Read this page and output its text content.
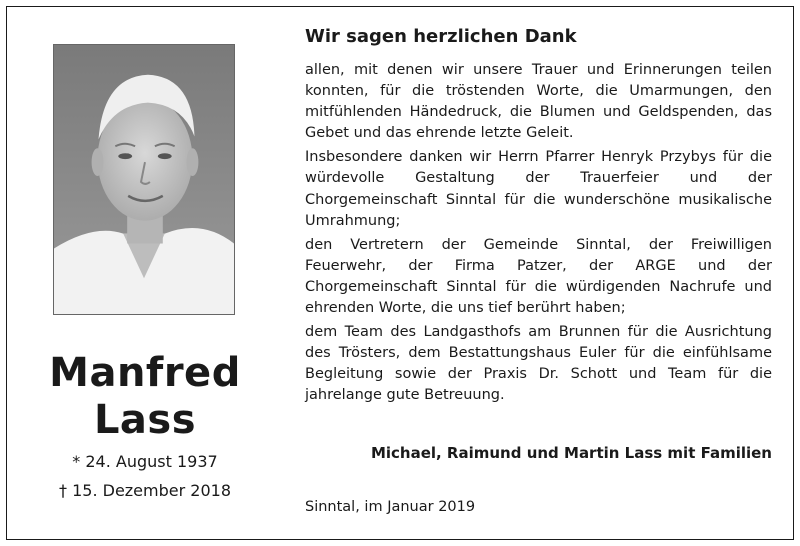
Manfred
Lass
* 24. August 1937
† 15. Dezember 2018
Wir sagen herzlichen Dank

allen, mit denen wir unsere Trauer und Erinnerungen teilen konnten, für die tröstenden Worte, die Umarmungen, den mitfühlenden Händedruck, die Blumen und Geldspenden, das Gebet und das ehrende letzte Geleit.

Insbesondere danken wir Herrn Pfarrer Henryk Przybys für die würdevolle Gestaltung der Trauerfeier und der Chorgemeinschaft Sinntal für die wunderschöne musikalische Umrahmung;

den Vertretern der Gemeinde Sinntal, der Freiwilligen Feuerwehr, der Firma Patzer, der ARGE und der Chorgemeinschaft Sinntal für die würdigenden Nachrufe und ehrenden Worte, die uns tief berührt haben;

dem Team des Landgasthofs am Brunnen für die Ausrichtung des Trösters, dem Bestattungshaus Euler für die einfühlsame Begleitung sowie der Praxis Dr. Schott und Team für die jahrelange gute Betreuung.

Michael, Raimund und Martin Lass mit Familien
Sinntal, im Januar 2019
